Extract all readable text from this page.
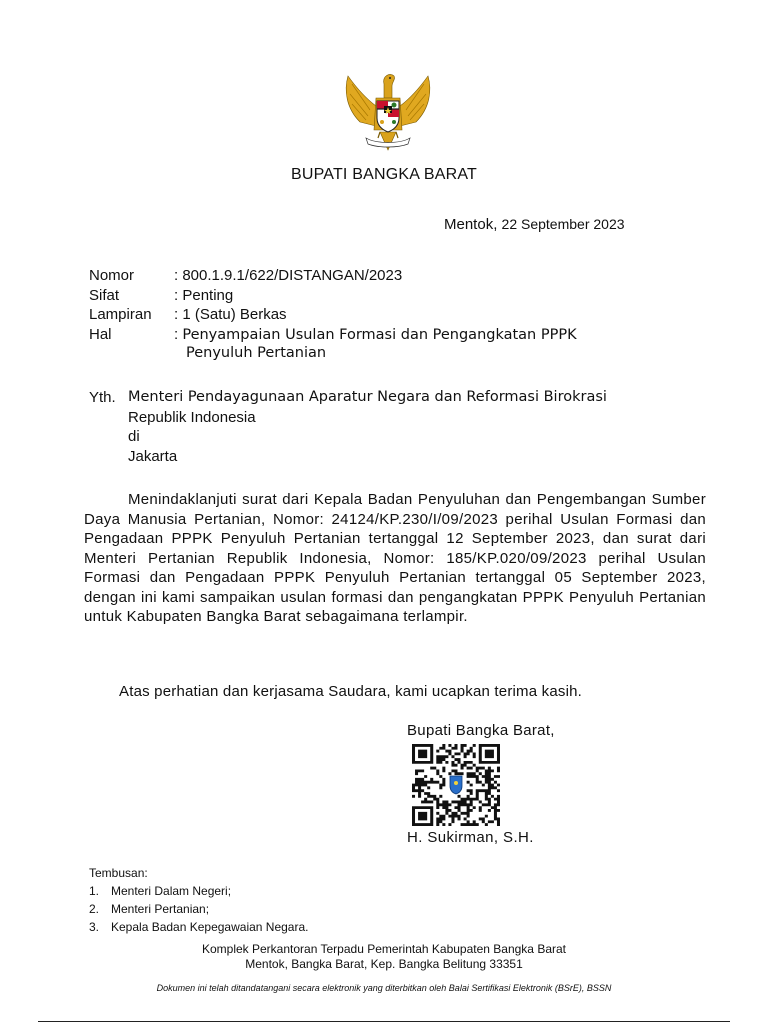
BUPATI BANGKA BARAT
Mentok, 22 September 2023
Nomor	: 800.1.9.1/622/DISTANGAN/2023
Sifat	: Penting
Lampiran : 1 (Satu) Berkas
Hal	: Penyampaian Usulan Formasi dan Pengangkatan PPPK
Penyuluh Pertanian
Yth. Menteri Pendayagunaan Aparatur Negara dan Reformasi Birokrasi
Republik Indonesia
di
Jakarta
Menindaklanjuti surat dari Kepala Badan Penyuluhan dan Pengembangan Sumber Daya Manusia Pertanian, Nomor: 24124/KP.230/I/09/2023 perihal Usulan Formasi dan Pengadaan PPPK Penyuluh Pertanian tertanggal 12 September 2023, dan surat dari Menteri Pertanian Republik Indonesia, Nomor: 185/KP.020/09/2023 perihal Usulan Formasi dan Pengadaan PPPK Penyuluh Pertanian tertanggal 05 September 2023, dengan ini kami sampaikan usulan formasi dan pengangkatan PPPK Penyuluh Pertanian untuk Kabupaten Bangka Barat sebagaimana terlampir.
Atas perhatian dan kerjasama Saudara, kami ucapkan terima kasih.
Bupati Bangka Barat,
H. Sukirman, S.H.
Tembusan:
1. Menteri Dalam Negeri;
2. Menteri Pertanian;
3. Kepala Badan Kepegawaian Negara.
Komplek Perkantoran Terpadu Pemerintah Kabupaten Bangka Barat
Mentok, Bangka Barat, Kep. Bangka Belitung 33351
Dokumen ini telah ditandatangani secara elektronik yang diterbitkan oleh Balai Sertifikasi Elektronik (BSrE), BSSN
